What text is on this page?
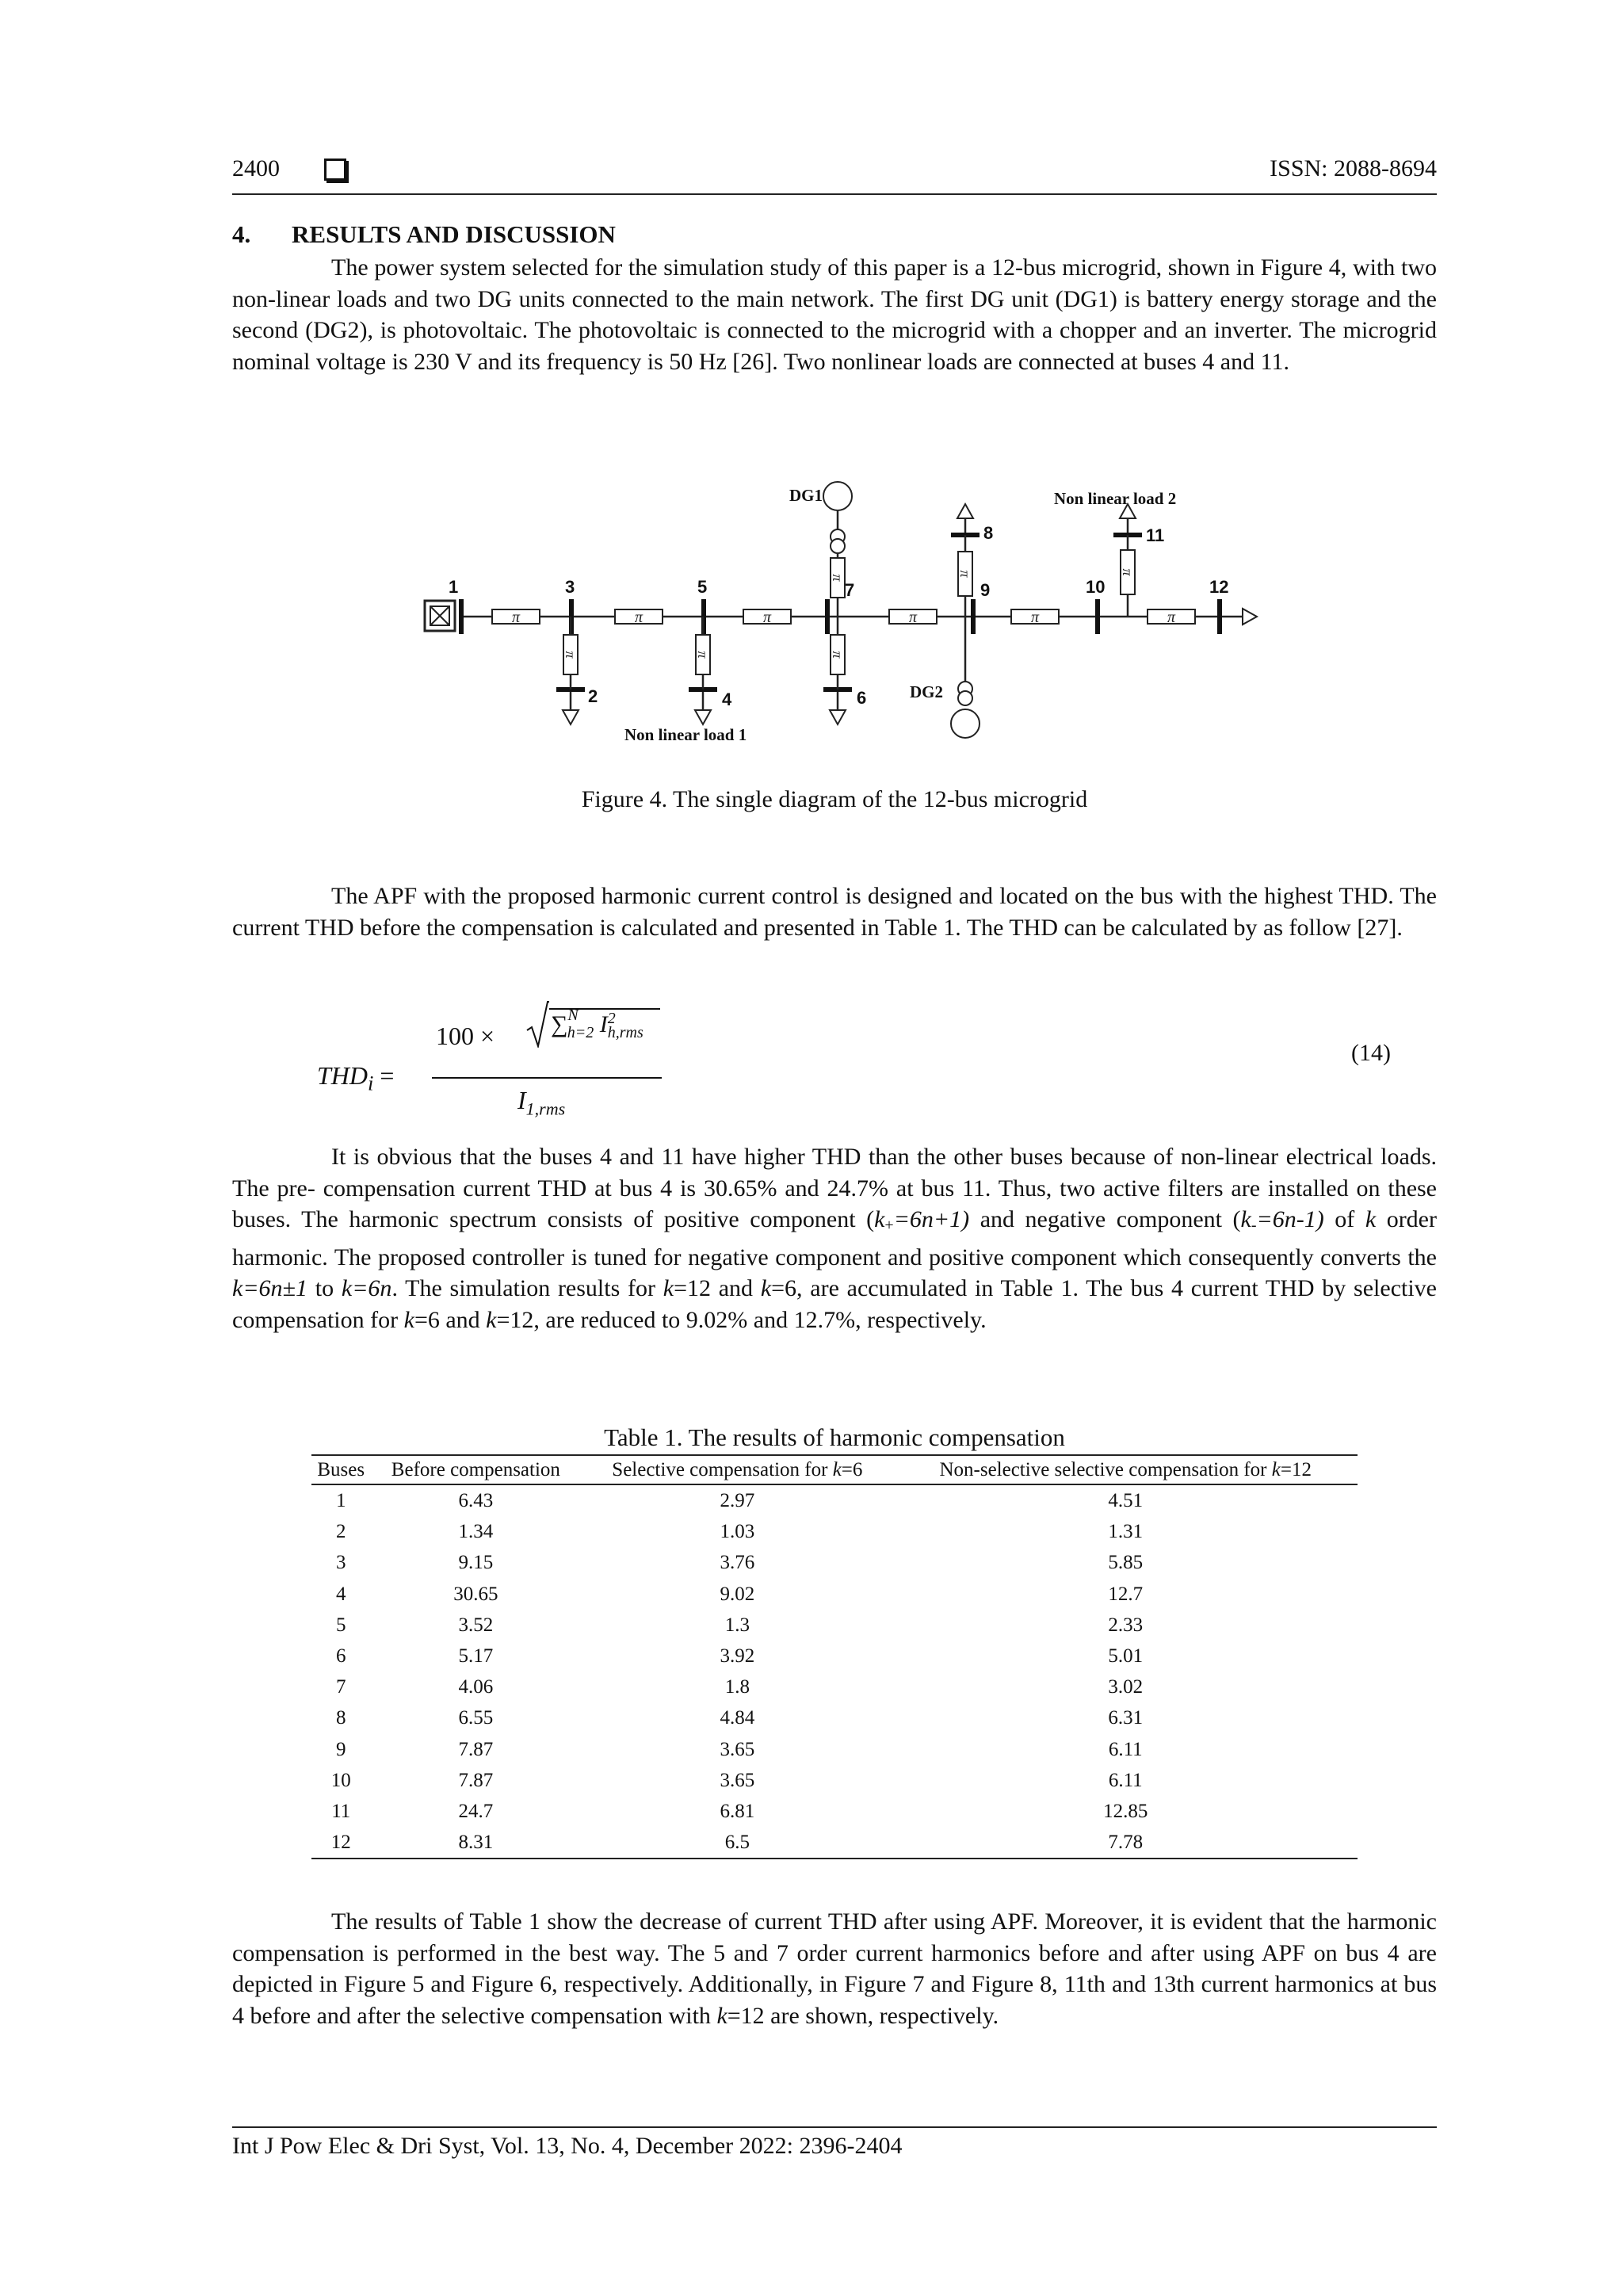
2400	ISSN: 2088-8694
4. RESULTS AND DISCUSSION

The power system selected for the simulation study of this paper is a 12-bus microgrid, shown in Figure 4, with two non-linear loads and two DG units connected to the main network. The first DG unit (DG1) is battery energy storage and the second (DG2), is photovoltaic. The photovoltaic is connected to the microgrid with a chopper and an inverter. The microgrid nominal voltage is 230 V and its frequency is 50 Hz [26]. Two nonlinear loads are connected at buses 4 and 11.

π	π	π	π	π	π
π	π	π
π
π	π
1
2
3
4
5
6
7
8
9	10
11
12
DG1
DG2
Non linear load 1
Non linear load 2
Figure 4. The single diagram of the 12-bus microgrid

The APF with the proposed harmonic current control is designed and located on the bus with the highest THD. The current THD before the compensation is calculated and presented in Table 1. The THD can be calculated by as follow [27].

$THD_i$ =
100 × ∑$^N_{h=2}$ $I^2_{h,rms}$
$I_{1,rms}$
(14)

It is obvious that the buses 4 and 11 have higher THD than the other buses because of non-linear electrical loads. The pre- compensation current THD at bus 4 is 30.65% and 24.7% at bus 11. Thus, two active filters are installed on these buses. The harmonic spectrum consists of positive component (k+=6n+1) and negative component (k-=6n-1) of k order harmonic. The proposed controller is tuned for negative component and positive component which consequently converts the k=6n±1 to k=6n. The simulation results for k=12 and k=6, are accumulated in Table 1. The bus 4 current THD by selective compensation for k=6 and k=12, are reduced to 9.02% and 12.7%, respectively.

Table 1. The results of harmonic compensation
Buses	Before compensation	Selective compensation for k=6	Non-selective selective compensation for k=12
1	6.43	2.97	4.51
2	1.34	1.03	1.31
3	9.15	3.76	5.85
4	30.65	9.02	12.7
5	3.52	1.3	2.33
6	5.17	3.92	5.01
7	4.06	1.8	3.02
8	6.55	4.84	6.31
9	7.87	3.65	6.11
10	7.87	3.65	6.11
11	24.7	6.81	12.85
12	8.31	6.5	7.78

The results of Table 1 show the decrease of current THD after using APF. Moreover, it is evident that the harmonic compensation is performed in the best way. The 5 and 7 order current harmonics before and after using APF on bus 4 are depicted in Figure 5 and Figure 6, respectively. Additionally, in Figure 7 and Figure 8, 11th and 13th current harmonics at bus 4 before and after the selective compensation with k=12 are shown, respectively.

Int J Pow Elec & Dri Syst, Vol. 13, No. 4, December 2022: 2396-2404
